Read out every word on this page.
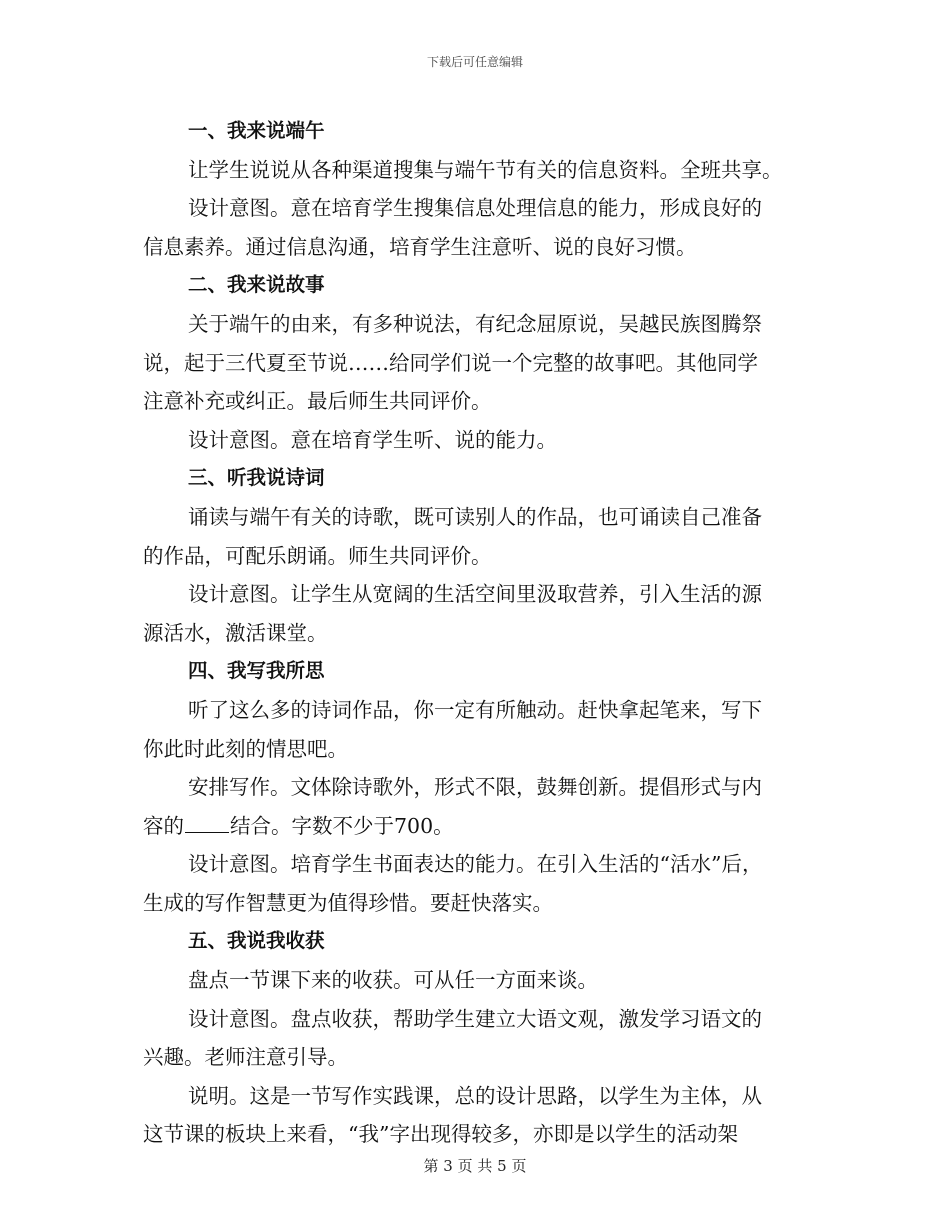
下载后可任意编辑
一、我来说端午
让学生说说从各种渠道搜集与端午节有关的信息资料。全班共享。
设计意图。意在培育学生搜集信息处理信息的能力，形成良好的
信息素养。通过信息沟通，培育学生注意听、说的良好习惯。
二、我来说故事
关于端午的由来，有多种说法，有纪念屈原说，吴越民族图腾祭
说，起于三代夏至节说……给同学们说一个完整的故事吧。其他同学
注意补充或纠正。最后师生共同评价。
设计意图。意在培育学生听、说的能力。
三、听我说诗词
诵读与端午有关的诗歌，既可读别人的作品，也可诵读自己准备
的作品，可配乐朗诵。师生共同评价。
设计意图。让学生从宽阔的生活空间里汲取营养，引入生活的源
源活水，激活课堂。
四、我写我所思
听了这么多的诗词作品，你一定有所触动。赶快拿起笔来，写下
你此时此刻的情思吧。
安排写作。文体除诗歌外，形式不限，鼓舞创新。提倡形式与内
容的 结合。字数不少于700。
设计意图。培育学生书面表达的能力。在引入生活的“活水”后，
生成的写作智慧更为值得珍惜。要赶快落实。
五、我说我收获
盘点一节课下来的收获。可从任一方面来谈。
设计意图。盘点收获，帮助学生建立大语文观，激发学习语文的
兴趣。老师注意引导。
说明。这是一节写作实践课，总的设计思路，以学生为主体，从
这节课的板块上来看，“我”字出现得较多，亦即是以学生的活动架
第 3 页 共 5 页
